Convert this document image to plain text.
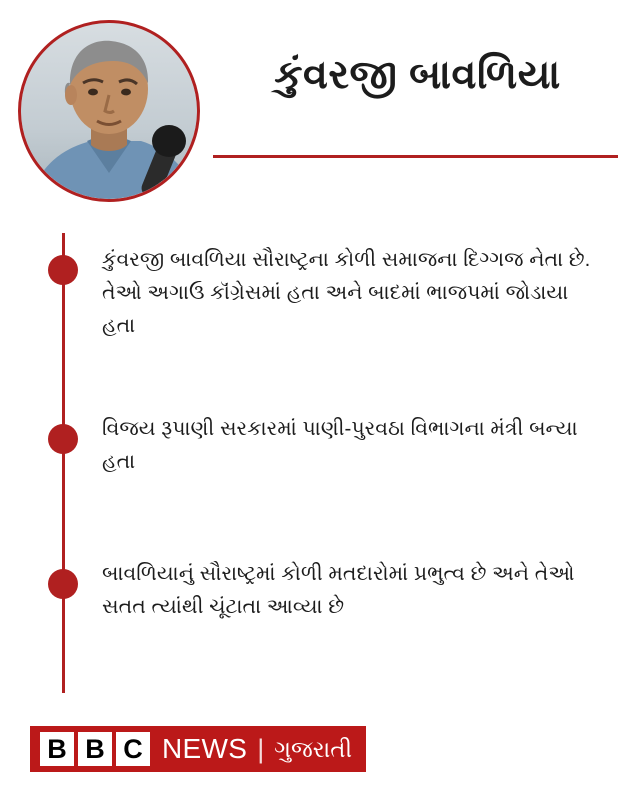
કુંવરજી બાવળિયા
કુંવરજી બાવળિયા સૌરાષ્ટ્રના કોળી સમાજના દિગ્ગજ નેતા છે. તેઓ અગાઉ કૉંગ્રેસમાં હતા અને બાદમાં ભાજપમાં જોડાયા હતા
વિજય રૂપાણી સરકારમાં પાણી-પુરવઠા વિભાગના મંત્રી બન્યા હતા
બાવળિયાનું સૌરાષ્ટ્રમાં કોળી મતદારોમાં પ્રભુત્વ છે અને તેઓ સતત ત્યાંથી ચૂંટાતા આવ્યા છે
B B C NEWS | ગુજરાતી
